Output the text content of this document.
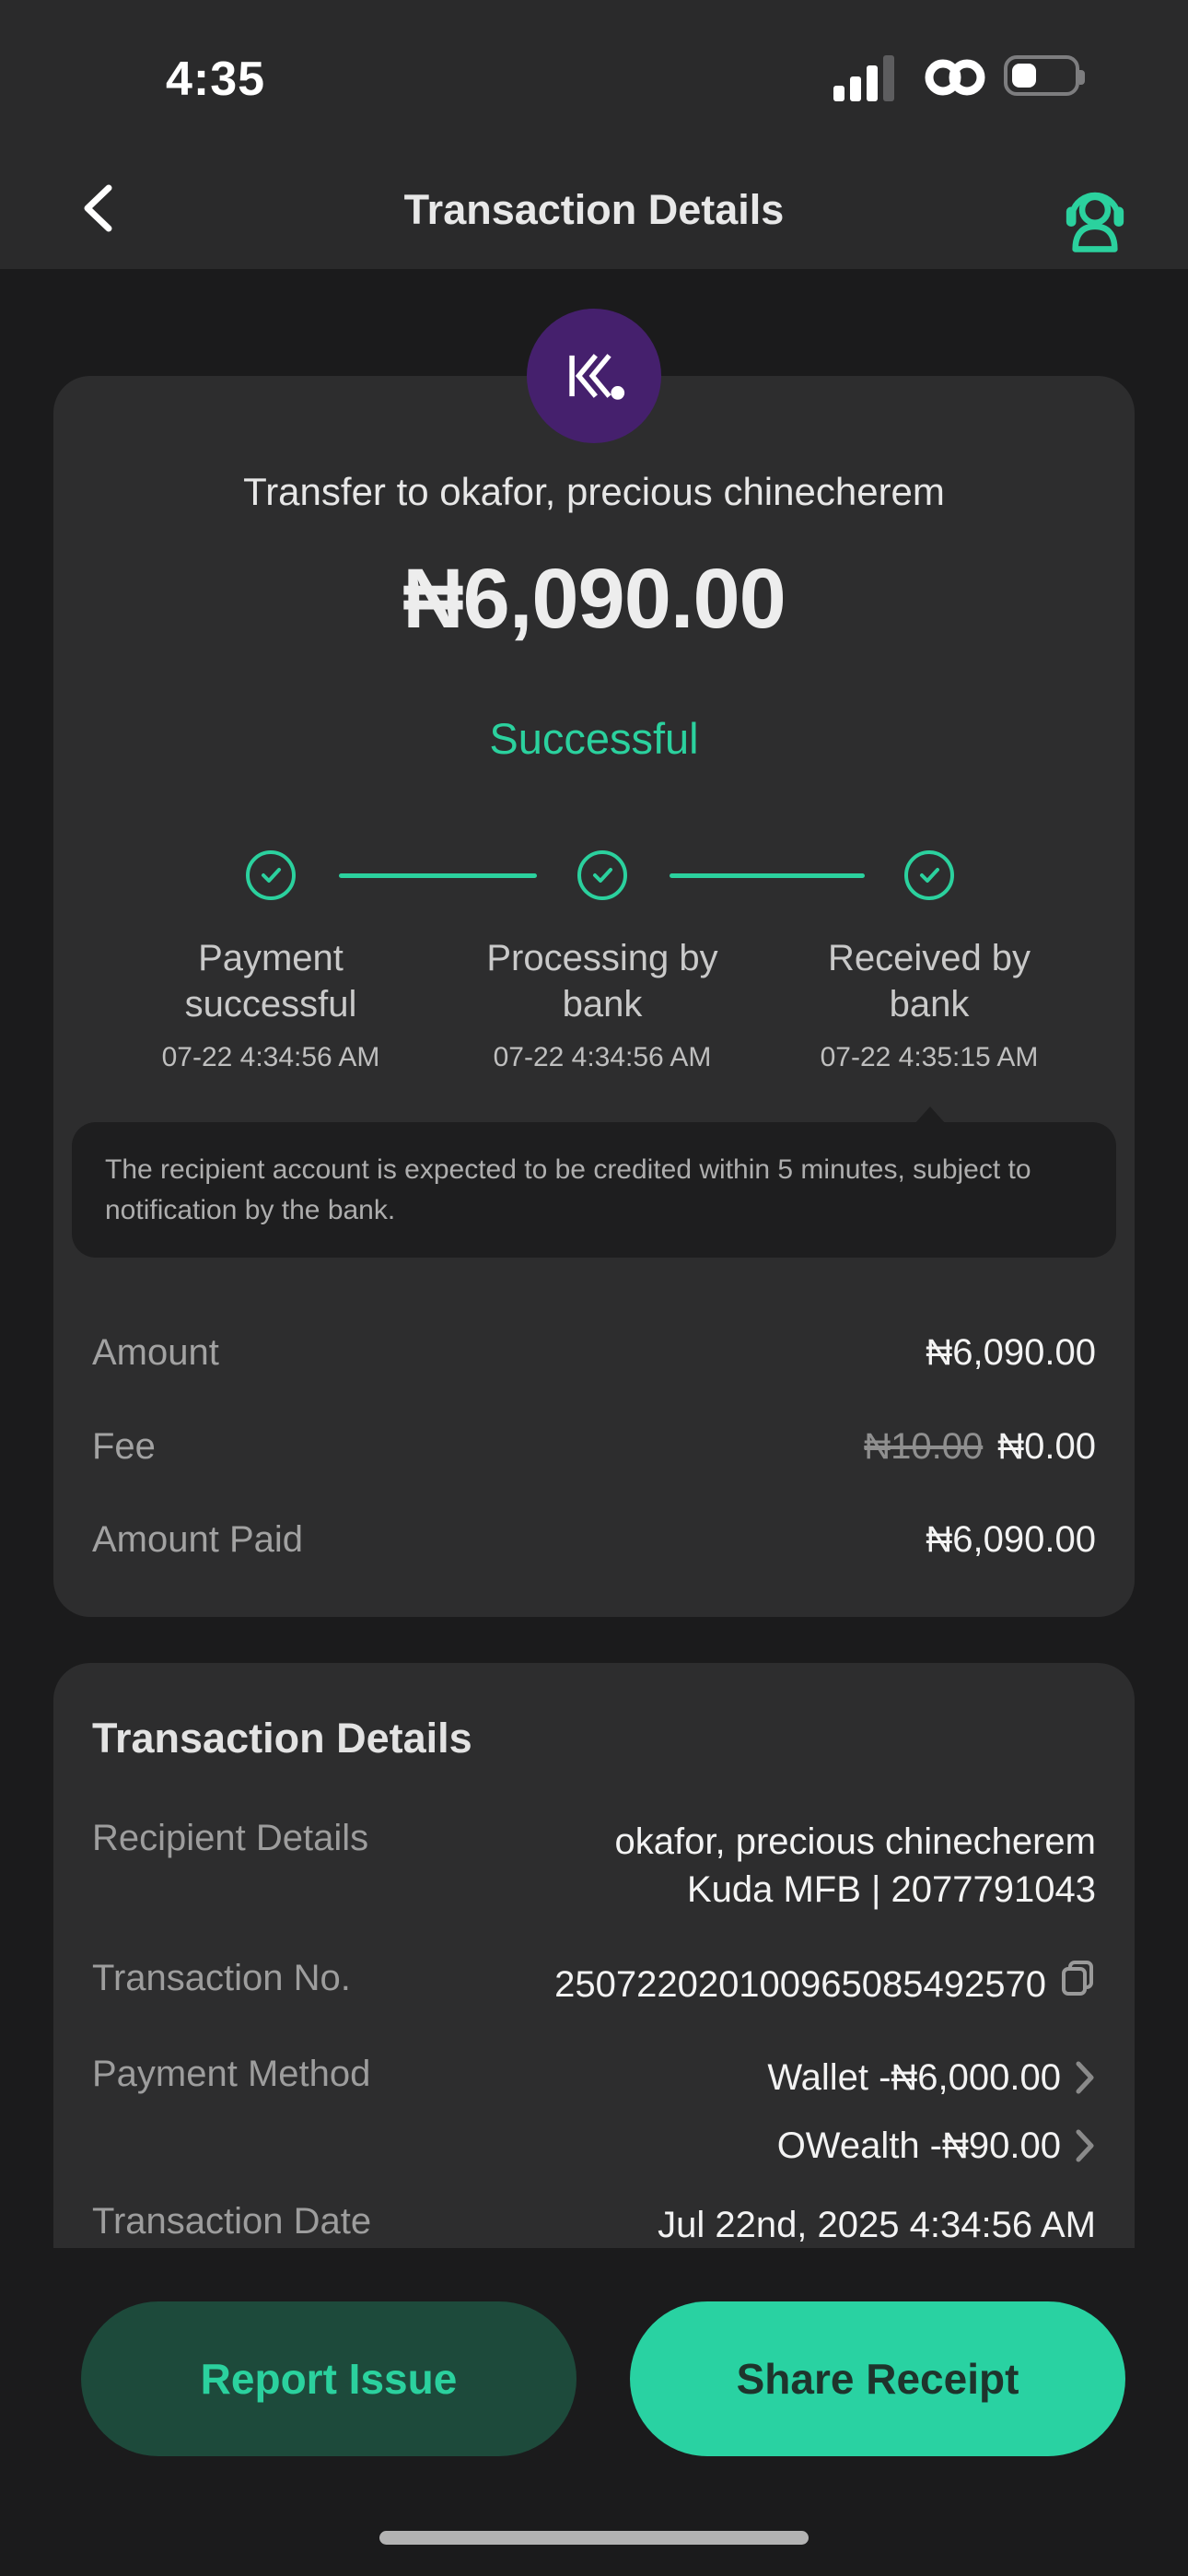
4:35
Transaction Details
Transfer to okafor, precious chinecherem
₦6,090.00
Successful
Payment successful
07-22 4:34:56 AM
Processing by bank
07-22 4:34:56 AM
Received by bank
07-22 4:35:15 AM
The recipient account is expected to be credited within 5 minutes, subject to notification by the bank.
Amount	₦6,090.00
Fee	₦10.00 ₦0.00
Amount Paid	₦6,090.00
Transaction Details
Recipient Details	okafor, precious chinecherem
Kuda MFB | 2077791043
Transaction No.	250722020100965085492570
Payment Method	Wallet -₦6,000.00
OWealth -₦90.00
Transaction Date	Jul 22nd, 2025 4:34:56 AM
Report Issue	Share Receipt
